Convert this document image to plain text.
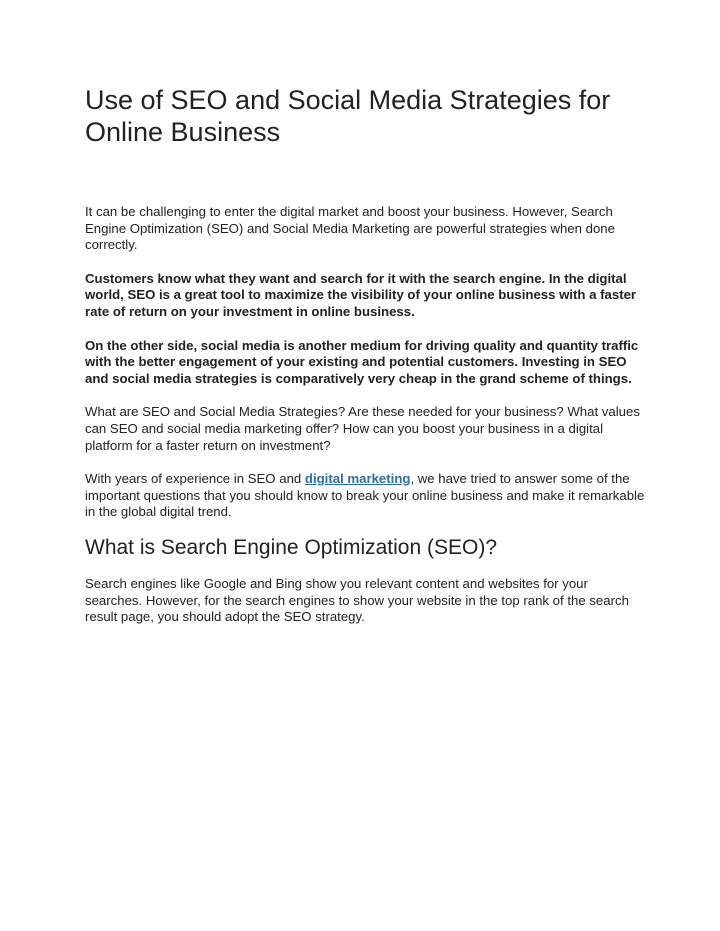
Use of SEO and Social Media Strategies for Online Business

It can be challenging to enter the digital market and boost your business. However, Search Engine Optimization (SEO) and Social Media Marketing are powerful strategies when done correctly.

Customers know what they want and search for it with the search engine. In the digital world, SEO is a great tool to maximize the visibility of your online business with a faster rate of return on your investment in online business.

On the other side, social media is another medium for driving quality and quantity traffic with the better engagement of your existing and potential customers. Investing in SEO and social media strategies is comparatively very cheap in the grand scheme of things.

What are SEO and Social Media Strategies? Are these needed for your business? What values can SEO and social media marketing offer? How can you boost your business in a digital platform for a faster return on investment?

With years of experience in SEO and digital marketing, we have tried to answer some of the important questions that you should know to break your online business and make it remarkable in the global digital trend.

What is Search Engine Optimization (SEO)?

Search engines like Google and Bing show you relevant content and websites for your searches. However, for the search engines to show your website in the top rank of the search result page, you should adopt the SEO strategy.
